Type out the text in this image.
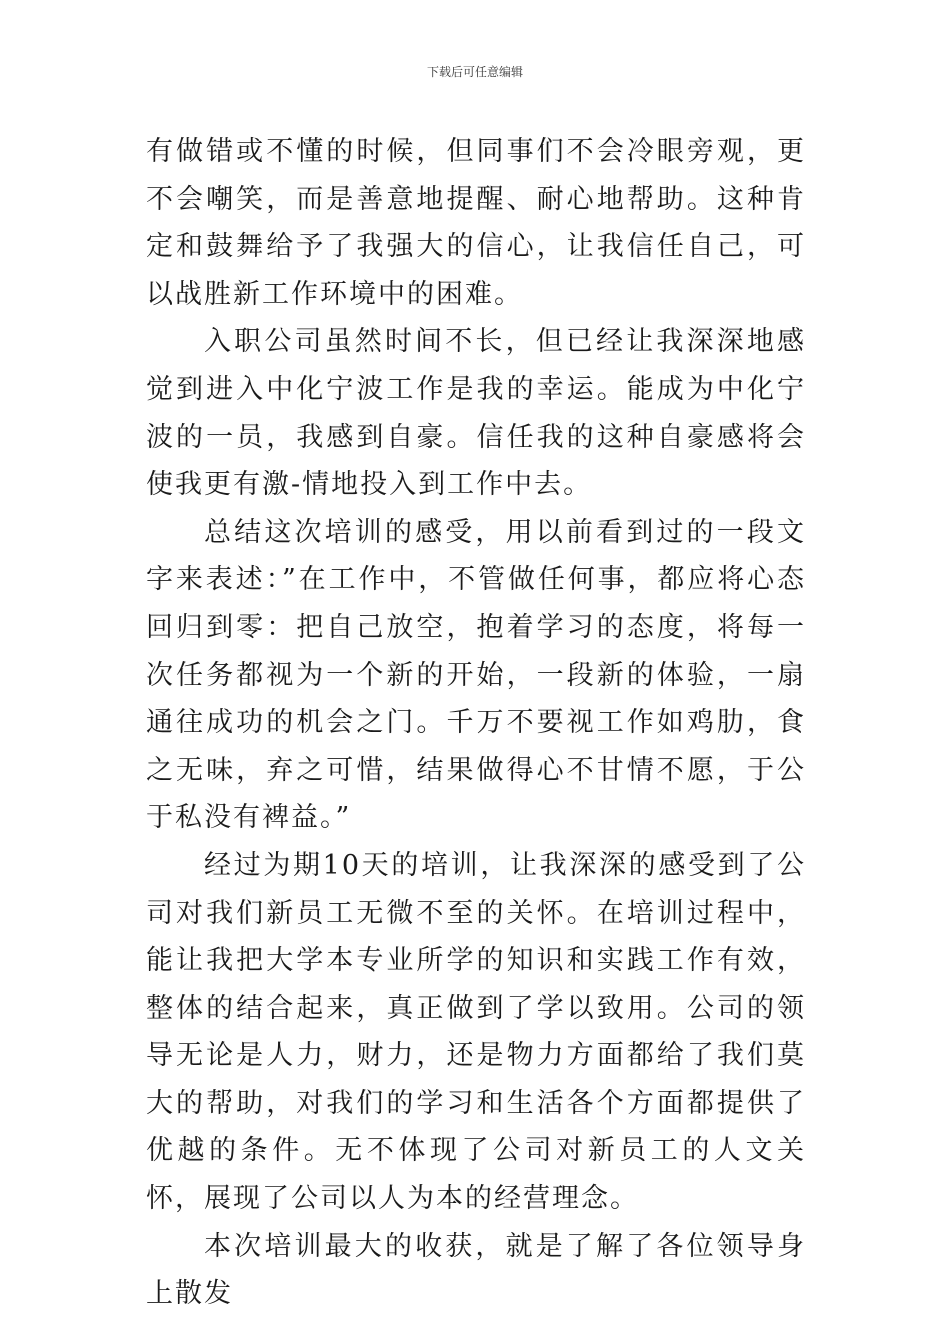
下载后可任意编辑

有做错或不懂的时候，但同事们不会冷眼旁观，更不会嘲笑，而是善意地提醒、耐心地帮助。这种肯定和鼓舞给予了我强大的信心，让我信任自己，可以战胜新工作环境中的困难。

入职公司虽然时间不长，但已经让我深深地感觉到进入中化宁波工作是我的幸运。能成为中化宁波的一员，我感到自豪。信任我的这种自豪感将会使我更有激-情地投入到工作中去。

总结这次培训的感受，用以前看到过的一段文字来表述：”在工作中，不管做任何事，都应将心态回归到零：把自己放空，抱着学习的态度，将每一次任务都视为一个新的开始，一段新的体验，一扇通往成功的机会之门。千万不要视工作如鸡肋，食之无味，弃之可惜，结果做得心不甘情不愿，于公于私没有裨益。”

经过为期10天的培训，让我深深的感受到了公司对我们新员工无微不至的关怀。在培训过程中，能让我把大学本专业所学的知识和实践工作有效，整体的结合起来，真正做到了学以致用。公司的领导无论是人力，财力，还是物力方面都给了我们莫大的帮助，对我们的学习和生活各个方面都提供了优越的条件。无不体现了公司对新员工的人文关怀，展现了公司以人为本的经营理念。

本次培训最大的收获，就是了解了各位领导身上散发
